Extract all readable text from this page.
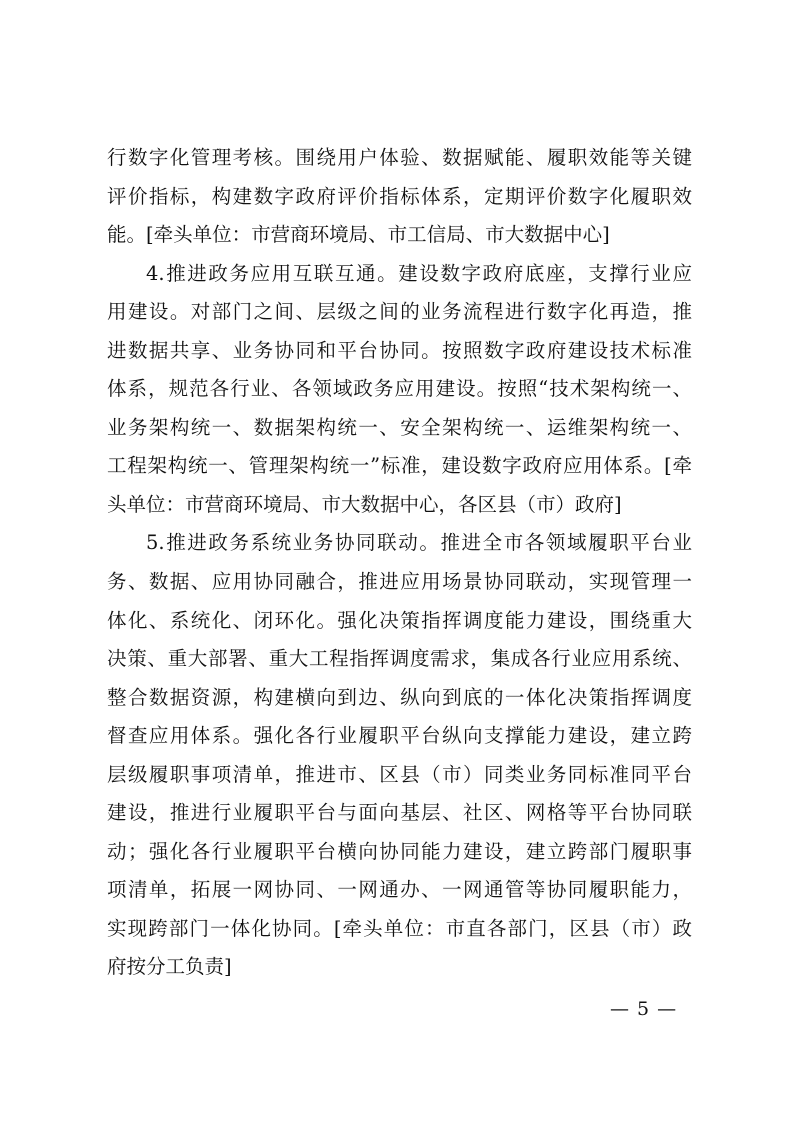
行数字化管理考核。围绕用户体验、数据赋能、履职效能等关键
评价指标，构建数字政府评价指标体系，定期评价数字化履职效
能。[牵头单位：市营商环境局、市工信局、市大数据中心]
4.推进政务应用互联互通。建设数字政府底座，支撑行业应
用建设。对部门之间、层级之间的业务流程进行数字化再造，推
进数据共享、业务协同和平台协同。按照数字政府建设技术标准
体系，规范各行业、各领域政务应用建设。按照“技术架构统一、
业务架构统一、数据架构统一、安全架构统一、运维架构统一、
工程架构统一、管理架构统一”标准，建设数字政府应用体系。[牵
头单位：市营商环境局、市大数据中心，各区县（市）政府]
5.推进政务系统业务协同联动。推进全市各领域履职平台业
务、数据、应用协同融合，推进应用场景协同联动，实现管理一
体化、系统化、闭环化。强化决策指挥调度能力建设，围绕重大
决策、重大部署、重大工程指挥调度需求，集成各行业应用系统、
整合数据资源，构建横向到边、纵向到底的一体化决策指挥调度
督查应用体系。强化各行业履职平台纵向支撑能力建设，建立跨
层级履职事项清单，推进市、区县（市）同类业务同标准同平台
建设，推进行业履职平台与面向基层、社区、网格等平台协同联
动；强化各行业履职平台横向协同能力建设，建立跨部门履职事
项清单，拓展一网协同、一网通办、一网通管等协同履职能力，
实现跨部门一体化协同。[牵头单位：市直各部门，区县（市）政
府按分工负责]
— 5 —
